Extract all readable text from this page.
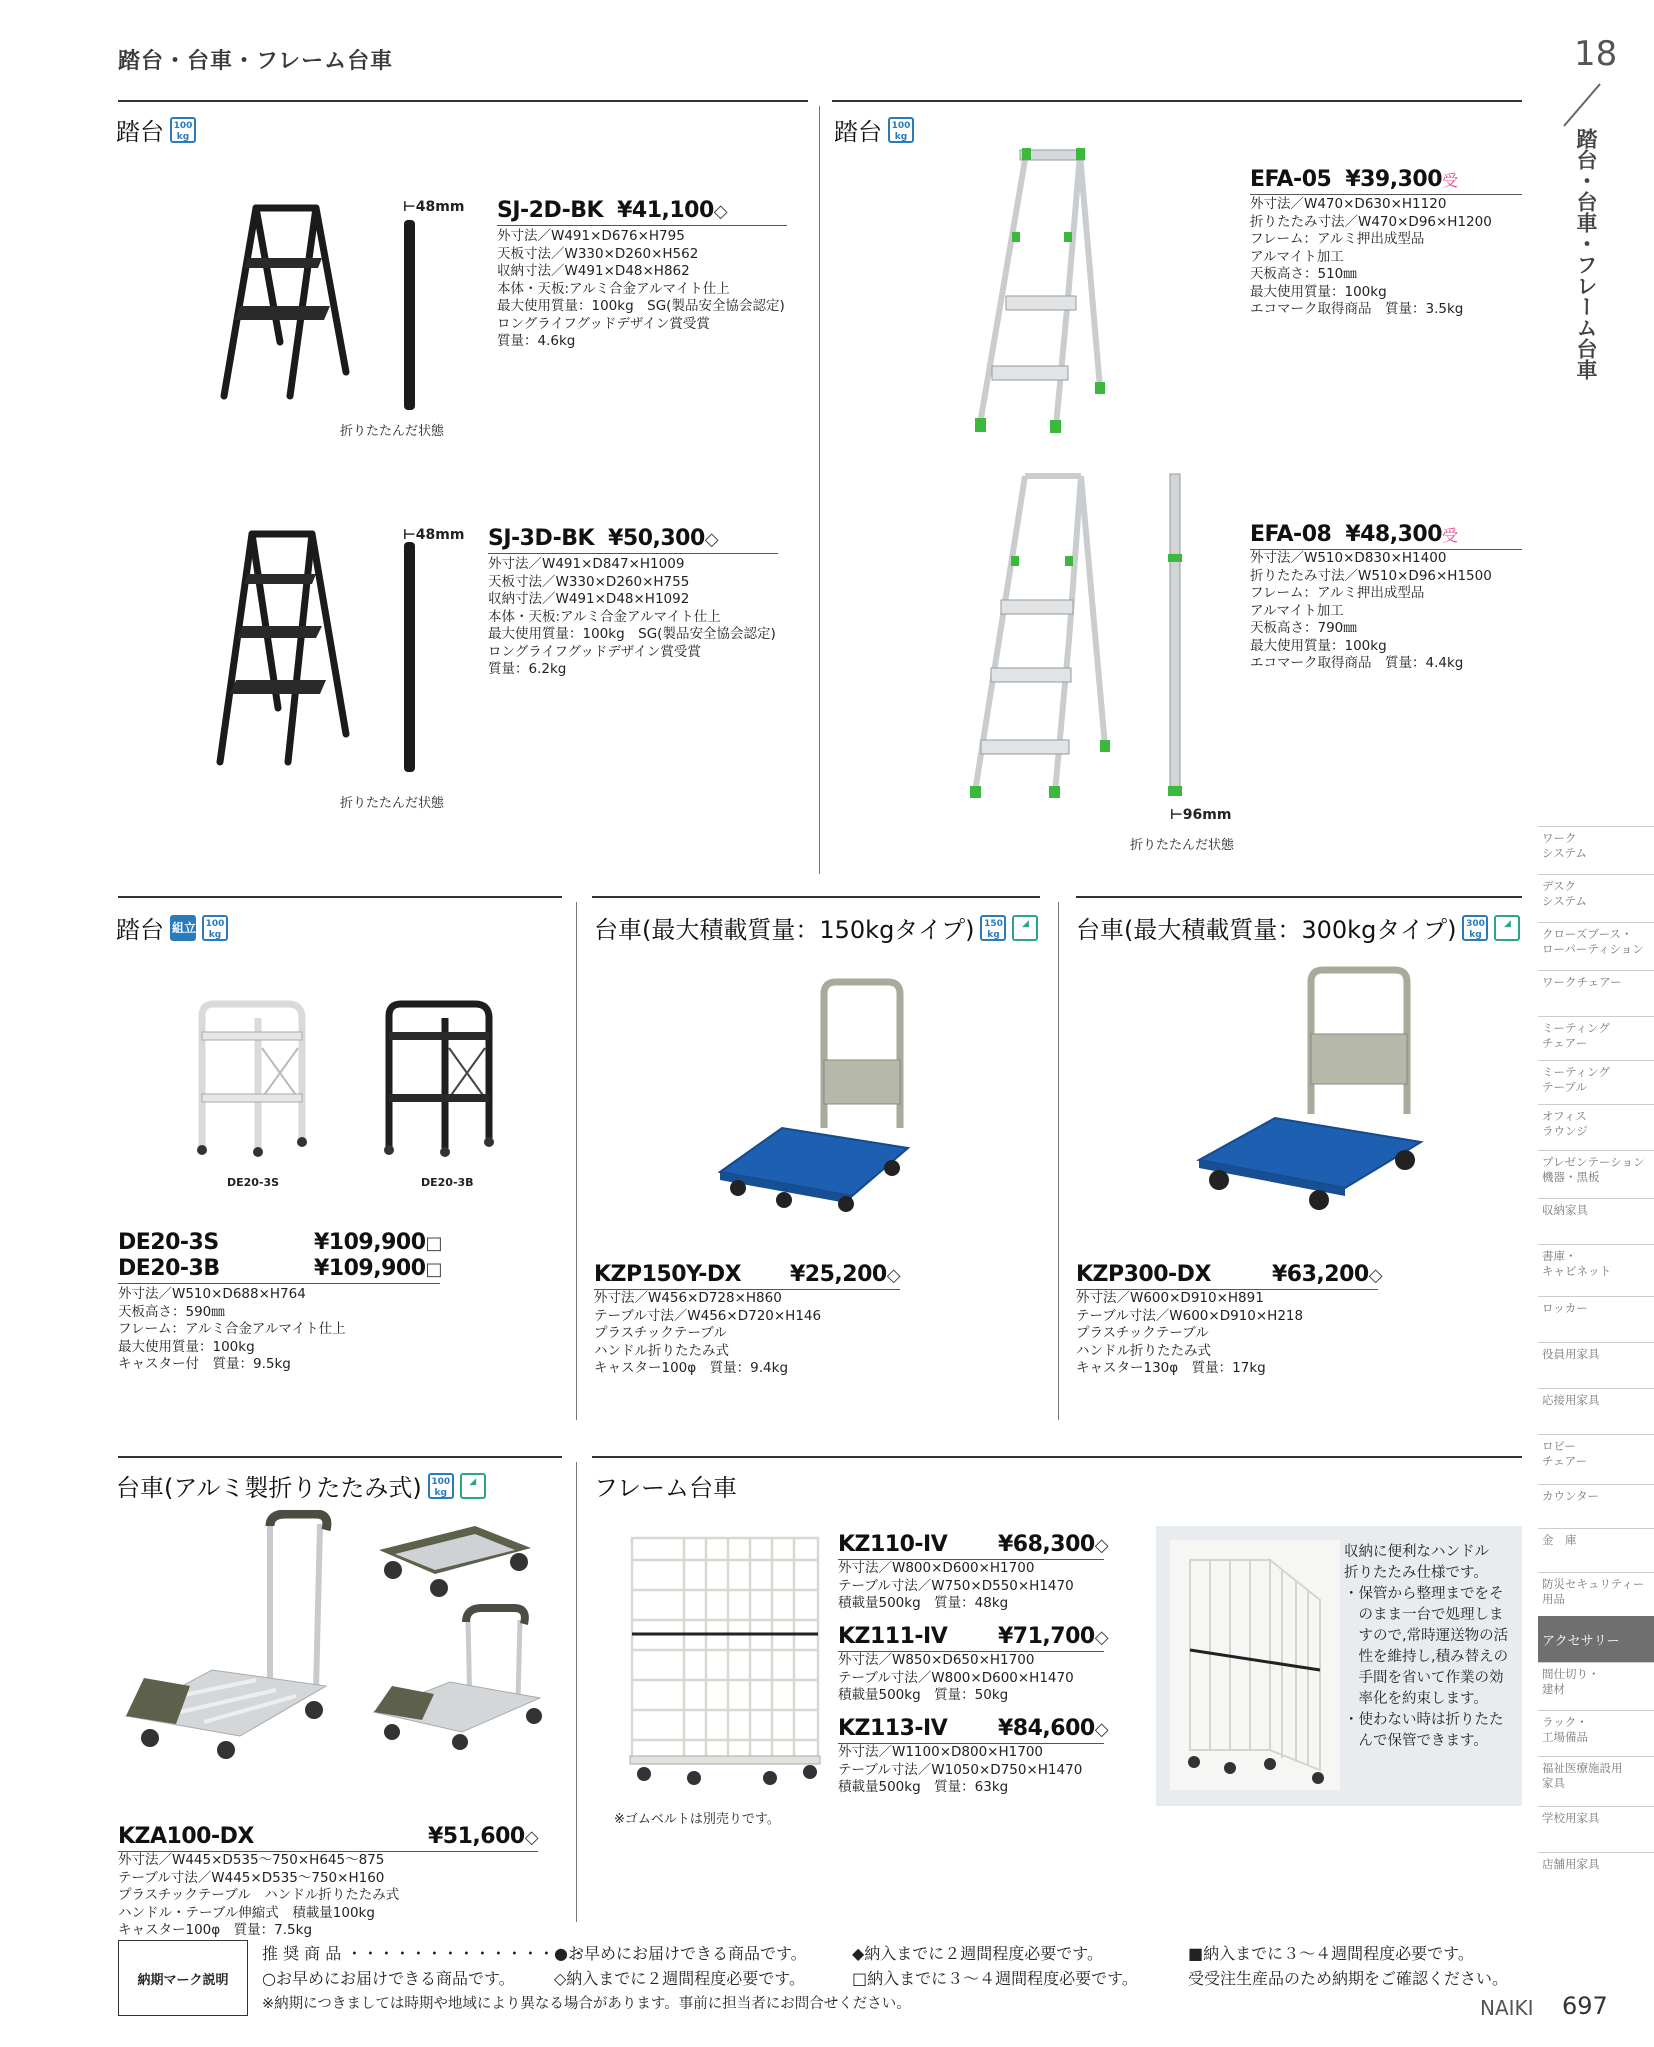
踏台・台車・フレーム台車	18
踏台・台車・フレーム台車
踏台 100
kg
⊢48mm
折りたたんだ状態
SJ-2D-BK ¥41,100◇
外寸法／W491×D676×H795
天板寸法／W330×D260×H562
収納寸法／W491×D48×H862
本体・天板:アルミ合金アルマイト仕上
最大使用質量：100kg　SG(製品安全協会認定)
ロングライフグッドデザイン賞受賞
質量：4.6kg
⊢48mm
折りたたんだ状態
SJ-3D-BK ¥50,300◇
外寸法／W491×D847×H1009
天板寸法／W330×D260×H755
収納寸法／W491×D48×H1092
本体・天板:アルミ合金アルマイト仕上
最大使用質量：100kg　SG(製品安全協会認定)
ロングライフグッドデザイン賞受賞
質量：6.2kg
踏台 100
kg
EFA-05 ¥39,300受
外寸法／W470×D630×H1120
折りたたみ寸法／W470×D96×H1200
フレーム：アルミ押出成型品
アルマイト加工
天板高さ：510㎜
最大使用質量：100kg
エコマーク取得商品　質量：3.5kg
⊢96mm
折りたたんだ状態
EFA-08 ¥48,300受
外寸法／W510×D830×H1400
折りたたみ寸法／W510×D96×H1500
フレーム：アルミ押出成型品
アルマイト加工
天板高さ：790㎜
最大使用質量：100kg
エコマーク取得商品　質量：4.4kg
踏台 組立 100
kg
DE20-3S	DE20-3B
DE20-3S	¥109,900□
DE20-3B	¥109,900□
外寸法／W510×D688×H764
天板高さ：590㎜
フレーム：アルミ合金アルマイト仕上
最大使用質量：100kg
キャスター付　質量：9.5kg
台車(最大積載質量：150kgタイプ) 150
kg◢
KZP150Y-DX ¥25,200◇
外寸法／W456×D728×H860
テーブル寸法／W456×D720×H146
プラスチックテーブル
ハンドル折りたたみ式
キャスター100φ　質量：9.4kg
台車(最大積載質量：300kgタイプ) 300
kg◢
KZP300-DX	¥63,200◇
外寸法／W600×D910×H891
テーブル寸法／W600×D910×H218
プラスチックテーブル
ハンドル折りたたみ式
キャスター130φ　質量：17kg
台車(アルミ製折りたたみ式) 100
kg◢
KZA100-DX	¥51,600◇
外寸法／W445×D535～750×H645～875
テーブル寸法／W445×D535～750×H160
プラスチックテーブル　ハンドル折りたたみ式
ハンドル・テーブル伸縮式　積載量100kg
キャスター100φ　質量：7.5kg
フレーム台車
※ゴムベルトは別売りです。
KZ110-IV ¥68,300◇
外寸法／W800×D600×H1700
テーブル寸法／W750×D550×H1470
積載量500kg　質量：48kg
KZ111-IV ¥71,700◇
外寸法／W850×D650×H1700
テーブル寸法／W800×D600×H1470
積載量500kg　質量：50kg
KZ113-IV ¥84,600◇
外寸法／W1100×D800×H1700
テーブル寸法／W1050×D750×H1470
積載量500kg　質量：63kg
収納に便利なハンドル
折りたたみ仕様です。
・保管から整理までをそ
　のまま一台で処理しま
　すので,常時運送物の活
　性を維持し,積み替えの
　手間を省いて作業の効
　率化を約束します。
・使わない時は折りたた
　んで保管できます。
ワーク
システム
デスク
システム
クローズブース・
ローパーティション
ワークチェアー
ミーティング
チェアー
ミーティング
テーブル
オフィス
ラウンジ
プレゼンテーション
機器・黒板
収納家具
書庫・
キャビネット
ロッカー
役員用家具
応接用家具
ロビー
チェアー
カウンター
金　庫
防災セキュリティー
用品
アクセサリー
間仕切り・
建材
ラック・
工場備品
福祉医療施設用
家具
学校用家具
店舗用家具
納期マーク説明
推 奨 商 品 ・・・・・・・・・・・・・・・●お早めにお届けできる商品です。	◆納入までに２週間程度必要です。	■納入までに３～４週間程度必要です。
○お早めにお届けできる商品です。 ◇納入までに２週間程度必要です。	□納入までに３～４週間程度必要です。	受受注生産品のため納期をご確認ください。
※納期につきましては時期や地域により異なる場合があります。事前に担当者にお問合せください。	NAIKI 697
